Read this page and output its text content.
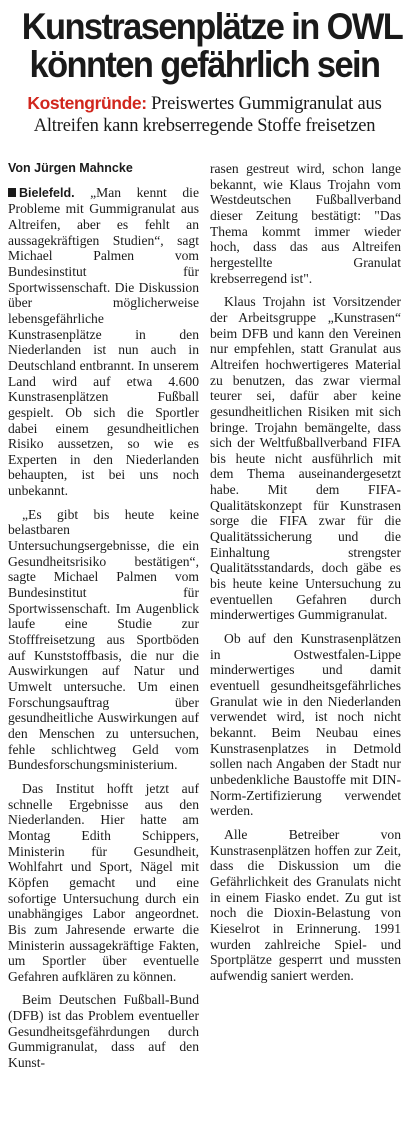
Kunstrasenplätze in OWL
könnten gefährlich sein
Kostengründe: Preiswertes Gummigranulat aus
Altreifen kann krebserregende Stoffe freisetzen
Von Jürgen Mahncke

Bielefeld. „Man kennt die Probleme mit Gummigranulat aus Altreifen, aber es fehlt an aussagekräftigen Studien“, sagt Michael Palmen vom Bundesinstitut für Sportwissenschaft. Die Diskussion über möglicherweise lebensgefährliche Kunstrasenplätze in den Niederlanden ist nun auch in Deutschland entbrannt. In unserem Land wird auf etwa 4.600 Kunstrasenplätzen Fußball gespielt. Ob sich die Sportler dabei einem gesundheitlichen Risiko aussetzen, so wie es Experten in den Niederlanden behaupten, ist bei uns noch unbekannt.

„Es gibt bis heute keine belastbaren Untersuchungsergebnisse, die ein Gesundheitsrisiko bestätigen“, sagte Michael Palmen vom Bundesinstitut für Sportwissenschaft. Im Augenblick laufe eine Studie zur Stofffreisetzung aus Sportböden auf Kunststoffbasis, die nur die Auswirkungen auf Natur und Umwelt untersuche. Um einen Forschungsauftrag über gesundheitliche Auswirkungen auf den Menschen zu untersuchen, fehle schlichtweg Geld vom Bundesforschungsministerium.

Das Institut hofft jetzt auf schnelle Ergebnisse aus den Niederlanden. Hier hatte am Montag Edith Schippers, Ministerin für Gesundheit, Wohlfahrt und Sport, Nägel mit Köpfen gemacht und eine sofortige Untersuchung durch ein unabhängiges Labor angeordnet. Bis zum Jahresende erwarte die Ministerin aussagekräftige Fakten, um Sportler über eventuelle Gefahren aufklären zu können.

Beim Deutschen Fußball-Bund (DFB) ist das Problem eventueller Gesundheitsgefährdungen durch Gummigranulat, dass auf den Kunst-

rasen gestreut wird, schon lange bekannt, wie Klaus Trojahn vom Westdeutschen Fußballverband dieser Zeitung bestätigt: "Das Thema kommt immer wieder hoch, dass das aus Altreifen hergestellte Granulat krebserregend ist".

Klaus Trojahn ist Vorsitzender der Arbeitsgruppe „Kunstrasen“ beim DFB und kann den Vereinen nur empfehlen, statt Granulat aus Altreifen hochwertigeres Material zu benutzen, das zwar viermal teurer sei, dafür aber keine gesundheitlichen Risiken mit sich bringe. Trojahn bemängelte, dass sich der Weltfußballverband FIFA bis heute nicht ausführlich mit dem Thema auseinandergesetzt habe. Mit dem FIFA-Qualitätskonzept für Kunstrasen sorge die FIFA zwar für die Qualitätssicherung und die Einhaltung strengster Qualitätsstandards, doch gäbe es bis heute keine Untersuchung zu eventuellen Gefahren durch minderwertiges Gummigranulat.

Ob auf den Kunstrasenplätzen in Ostwestfalen-Lippe minderwertiges und damit eventuell gesundheitsgefährliches Granulat wie in den Niederlanden verwendet wird, ist noch nicht bekannt. Beim Neubau eines Kunstrasenplatzes in Detmold sollen nach Angaben der Stadt nur unbedenkliche Baustoffe mit DIN-Norm-Zertifizierung verwendet werden.

Alle Betreiber von Kunstrasenplätzen hoffen zur Zeit, dass die Diskussion um die Gefährlichkeit des Granulats nicht in einem Fiasko endet. Zu gut ist noch die Dioxin-Belastung von Kieselrot in Erinnerung. 1991 wurden zahlreiche Spiel- und Sportplätze gesperrt und mussten aufwendig saniert werden.
